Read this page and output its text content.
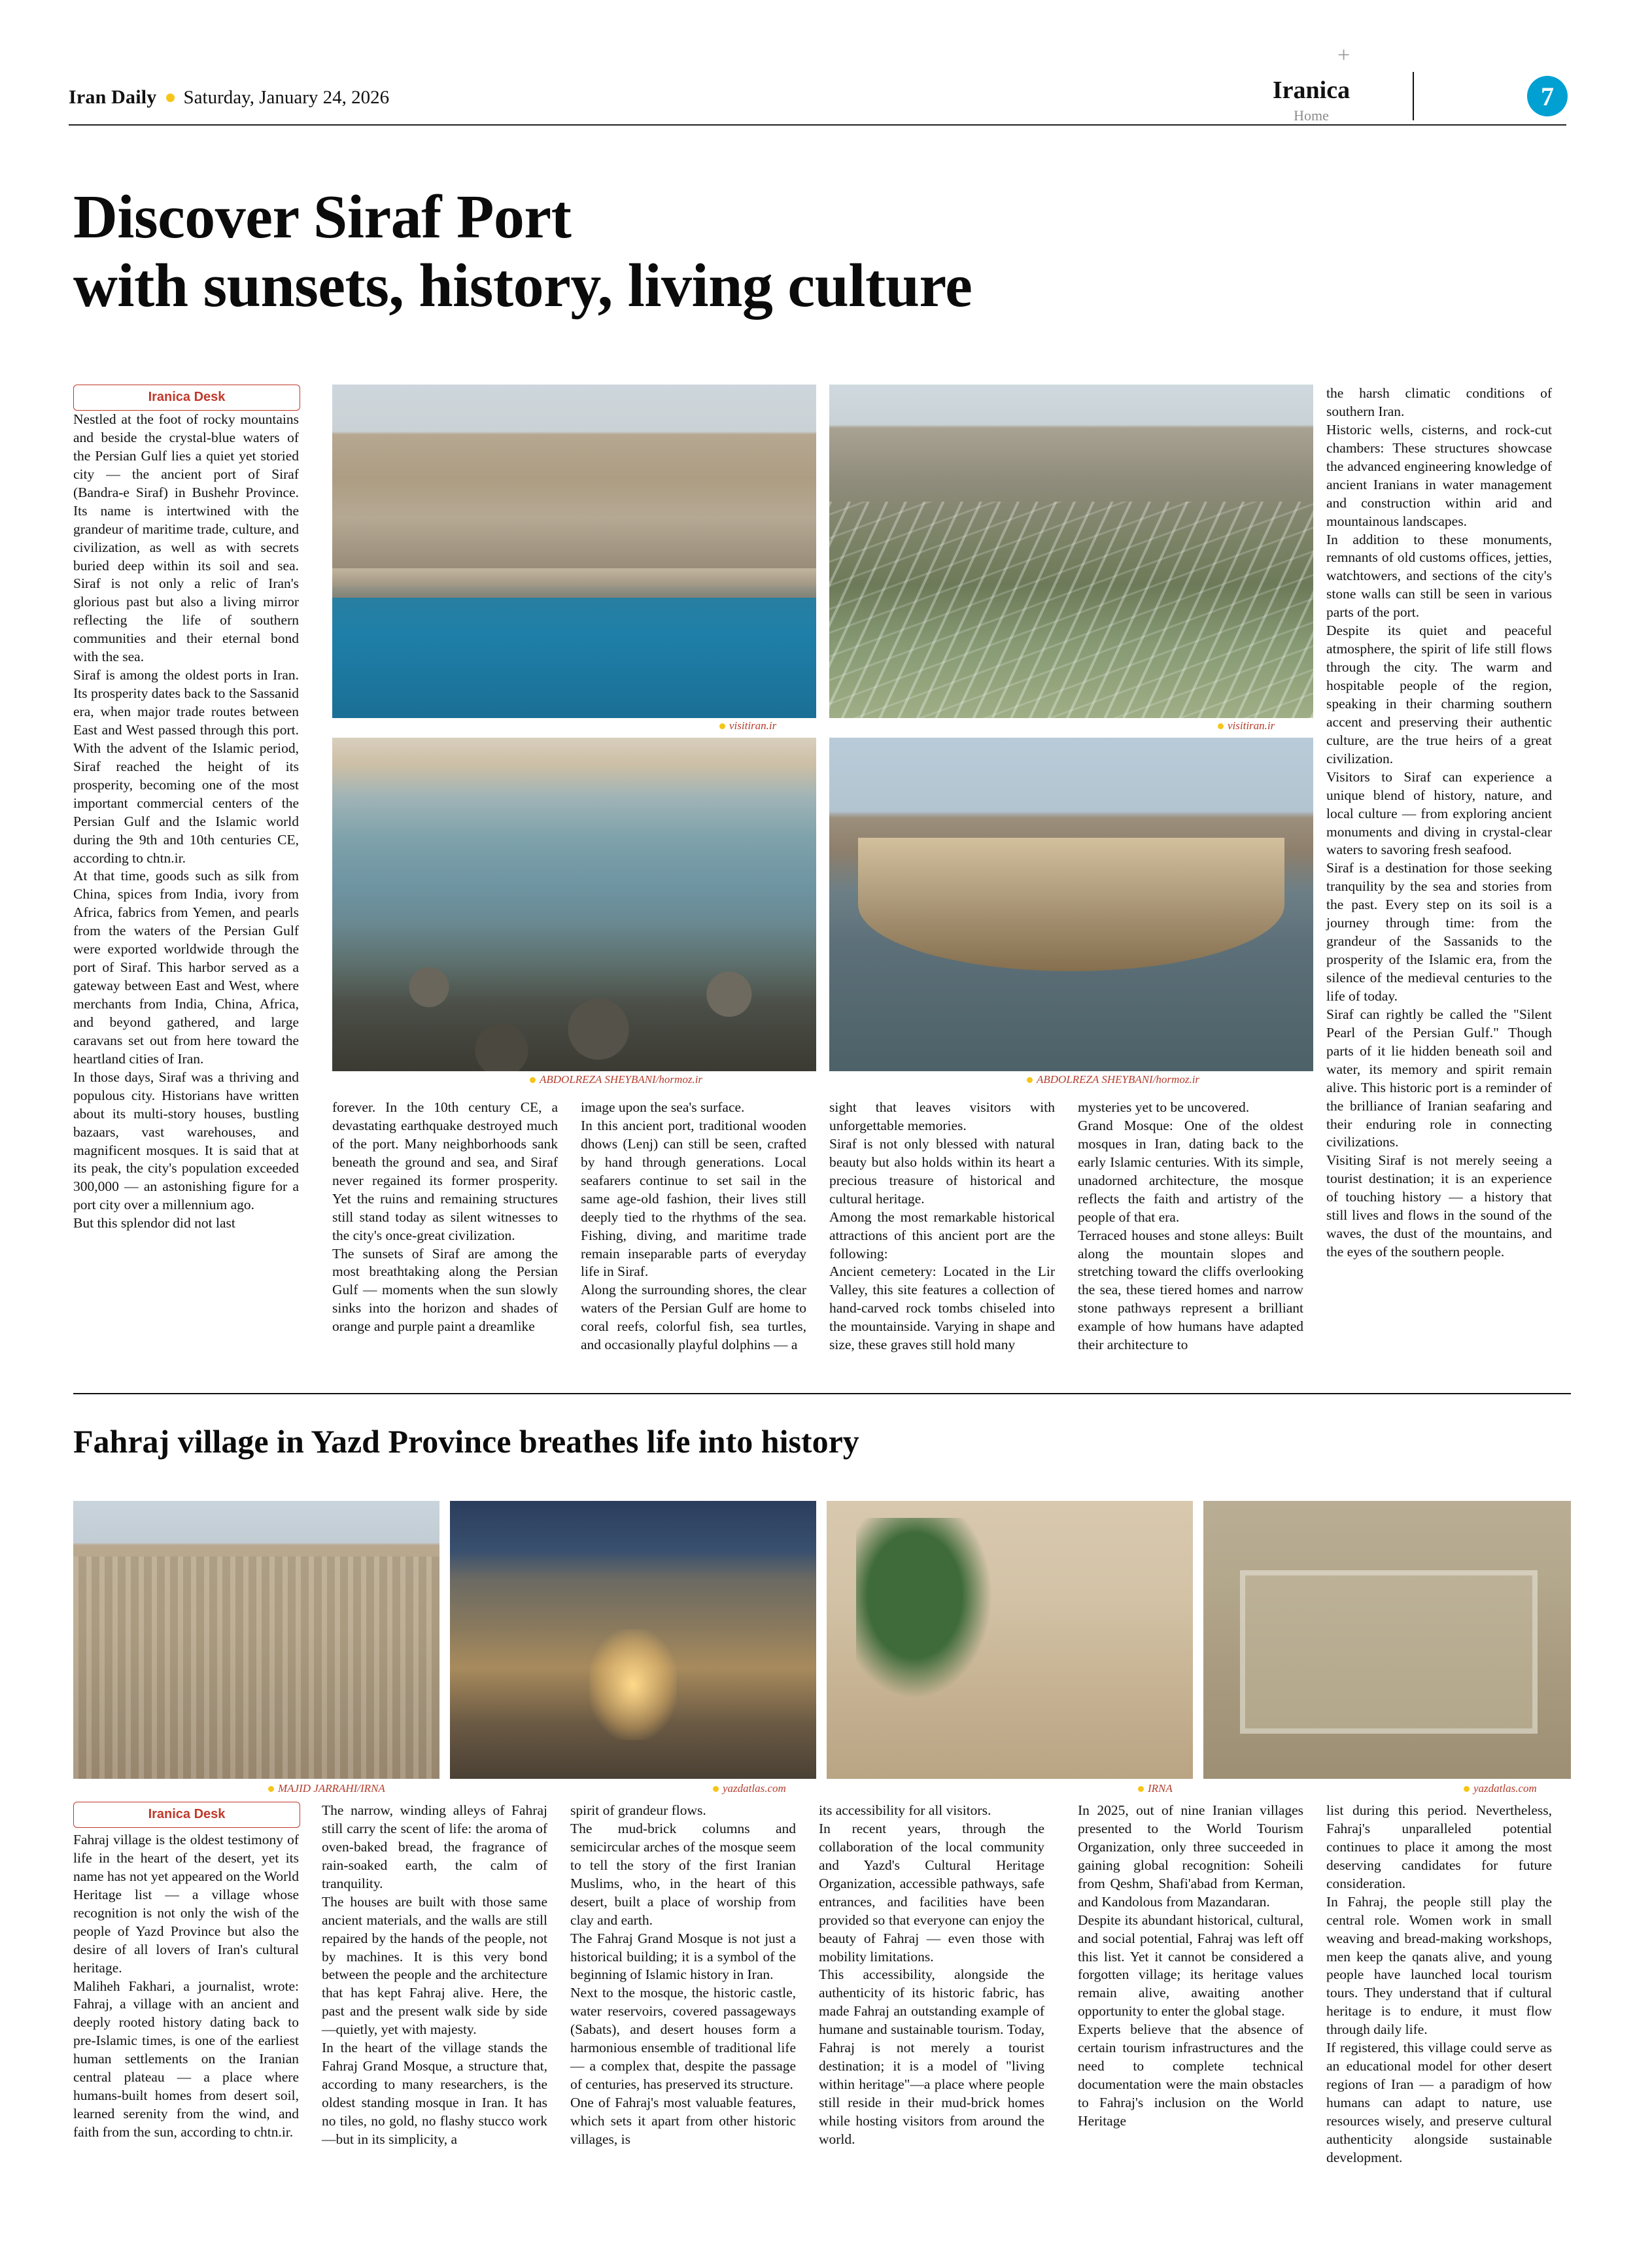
+
Iran Daily Saturday, January 24, 2026	Iranica
Home
7
Discover Siraf Port
with sunsets, history, living culture
Iranica Desk

Nestled at the foot of rocky mountains and beside the crystal-blue waters of the Persian Gulf lies a quiet yet storied city — the ancient port of Siraf (Bandra-e Siraf) in Bushehr Province. Its name is intertwined with the grandeur of maritime trade, culture, and civilization, as well as with secrets buried deep within its soil and sea. Siraf is not only a relic of Iran's glorious past but also a living mirror reflecting the life of southern communities and their eternal bond with the sea.

Siraf is among the oldest ports in Iran. Its prosperity dates back to the Sassanid era, when major trade routes between East and West passed through this port. With the advent of the Islamic period, Siraf reached the height of its prosperity, becoming one of the most important commercial centers of the Persian Gulf and the Islamic world during the 9th and 10th centuries CE, according to chtn.ir.

At that time, goods such as silk from China, spices from India, ivory from Africa, fabrics from Yemen, and pearls from the waters of the Persian Gulf were exported worldwide through the port of Siraf. This harbor served as a gateway between East and West, where merchants from India, China, Africa, and beyond gathered, and large caravans set out from here toward the heartland cities of Iran.

In those days, Siraf was a thriving and populous city. Historians have written about its multi-story houses, bustling bazaars, vast warehouses, and magnificent mosques. It is said that at its peak, the city's population exceeded 300,000 — an astonishing figure for a port city over a millennium ago.

But this splendor did not last

visitiran.ir	visitiran.ir
ABDOLREZA SHEYBANI/hormoz.ir	ABDOLREZA SHEYBANI/hormoz.ir

forever. In the 10th century CE, a devastating earthquake destroyed much of the port. Many neighborhoods sank beneath the ground and sea, and Siraf never regained its former prosperity. Yet the ruins and remaining structures still stand today as silent witnesses to the city's once-great civilization.

The sunsets of Siraf are among the most breathtaking along the Persian Gulf — moments when the sun slowly sinks into the horizon and shades of orange and purple paint a dreamlike

image upon the sea's surface.

In this ancient port, traditional wooden dhows (Lenj) can still be seen, crafted by hand through generations. Local seafarers continue to set sail in the same age-old fashion, their lives still deeply tied to the rhythms of the sea. Fishing, diving, and maritime trade remain inseparable parts of everyday life in Siraf.

Along the surrounding shores, the clear waters of the Persian Gulf are home to coral reefs, colorful fish, sea turtles, and occasionally playful dolphins — a

sight that leaves visitors with unforgettable memories.

Siraf is not only blessed with natural beauty but also holds within its heart a precious treasure of historical and cultural heritage.

Among the most remarkable historical attractions of this ancient port are the following:

Ancient cemetery: Located in the Lir Valley, this site features a collection of hand-carved rock tombs chiseled into the mountainside. Varying in shape and size, these graves still hold many

mysteries yet to be uncovered.

Grand Mosque: One of the oldest mosques in Iran, dating back to the early Islamic centuries. With its simple, unadorned architecture, the mosque reflects the faith and artistry of the people of that era.

Terraced houses and stone alleys: Built along the mountain slopes and stretching toward the cliffs overlooking the sea, these tiered homes and narrow stone pathways represent a brilliant example of how humans have adapted their architecture to

the harsh climatic conditions of southern Iran.

Historic wells, cisterns, and rock-cut chambers: These structures showcase the advanced engineering knowledge of ancient Iranians in water management and construction within arid and mountainous landscapes.

In addition to these monuments, remnants of old customs offices, jetties, watchtowers, and sections of the city's stone walls can still be seen in various parts of the port.

Despite its quiet and peaceful atmosphere, the spirit of life still flows through the city. The warm and hospitable people of the region, speaking in their charming southern accent and preserving their authentic culture, are the true heirs of a great civilization.

Visitors to Siraf can experience a unique blend of history, nature, and local culture — from exploring ancient monuments and diving in crystal-clear waters to savoring fresh seafood.

Siraf is a destination for those seeking tranquility by the sea and stories from the past. Every step on its soil is a journey through time: from the grandeur of the Sassanids to the prosperity of the Islamic era, from the silence of the medieval centuries to the life of today.

Siraf can rightly be called the "Silent Pearl of the Persian Gulf." Though parts of it lie hidden beneath soil and water, its memory and spirit remain alive. This historic port is a reminder of the brilliance of Iranian seafaring and their enduring role in connecting civilizations.

Visiting Siraf is not merely seeing a tourist destination; it is an experience of touching history — a history that still lives and flows in the sound of the waves, the dust of the mountains, and the eyes of the southern people.

Fahraj village in Yazd Province breathes life into history
MAJID JARRAHI/IRNA	yazdatlas.com	IRNA	yazdatlas.com
Iranica Desk

Fahraj village is the oldest testimony of life in the heart of the desert, yet its name has not yet appeared on the World Heritage list — a village whose recognition is not only the wish of the people of Yazd Province but also the desire of all lovers of Iran's cultural heritage.

Maliheh Fakhari, a journalist, wrote: Fahraj, a village with an ancient and deeply rooted history dating back to pre-Islamic times, is one of the earliest human settlements on the Iranian central plateau — a place where humans-built homes from desert soil, learned serenity from the wind, and faith from the sun, according to chtn.ir.

The narrow, winding alleys of Fahraj still carry the scent of life: the aroma of oven-baked bread, the fragrance of rain-soaked earth, the calm of tranquility.

The houses are built with those same ancient materials, and the walls are still repaired by the hands of the people, not by machines. It is this very bond between the people and the architecture that has kept Fahraj alive. Here, the past and the present walk side by side—quietly, yet with majesty.

In the heart of the village stands the Fahraj Grand Mosque, a structure that, according to many researchers, is the oldest standing mosque in Iran. It has no tiles, no gold, no flashy stucco work—but in its simplicity, a

spirit of grandeur flows.

The mud-brick columns and semicircular arches of the mosque seem to tell the story of the first Iranian Muslims, who, in the heart of this desert, built a place of worship from clay and earth.

The Fahraj Grand Mosque is not just a historical building; it is a symbol of the beginning of Islamic history in Iran.

Next to the mosque, the historic castle, water reservoirs, covered passageways (Sabats), and desert houses form a harmonious ensemble of traditional life — a complex that, despite the passage of centuries, has preserved its structure.

One of Fahraj's most valuable features, which sets it apart from other historic villages, is

its accessibility for all visitors.

In recent years, through the collaboration of the local community and Yazd's Cultural Heritage Organization, accessible pathways, safe entrances, and facilities have been provided so that everyone can enjoy the beauty of Fahraj — even those with mobility limitations.

This accessibility, alongside the authenticity of its historic fabric, has made Fahraj an outstanding example of humane and sustainable tourism. Today, Fahraj is not merely a tourist destination; it is a model of "living within heritage"—a place where people still reside in their mud-brick homes while hosting visitors from around the world.

In 2025, out of nine Iranian villages presented to the World Tourism Organization, only three succeeded in gaining global recognition: Soheili from Qeshm, Shafi'abad from Kerman, and Kandolous from Mazandaran.

Despite its abundant historical, cultural, and social potential, Fahraj was left off this list. Yet it cannot be considered a forgotten village; its heritage values remain alive, awaiting another opportunity to enter the global stage.

Experts believe that the absence of certain tourism infrastructures and the need to complete technical documentation were the main obstacles to Fahraj's inclusion on the World Heritage

list during this period. Nevertheless, Fahraj's unparalleled potential continues to place it among the most deserving candidates for future consideration.

In Fahraj, the people still play the central role. Women work in small weaving and bread-making workshops, men keep the qanats alive, and young people have launched local tourism tours. They understand that if cultural heritage is to endure, it must flow through daily life.

If registered, this village could serve as an educational model for other desert regions of Iran — a paradigm of how humans can adapt to nature, use resources wisely, and preserve cultural authenticity alongside sustainable development.
